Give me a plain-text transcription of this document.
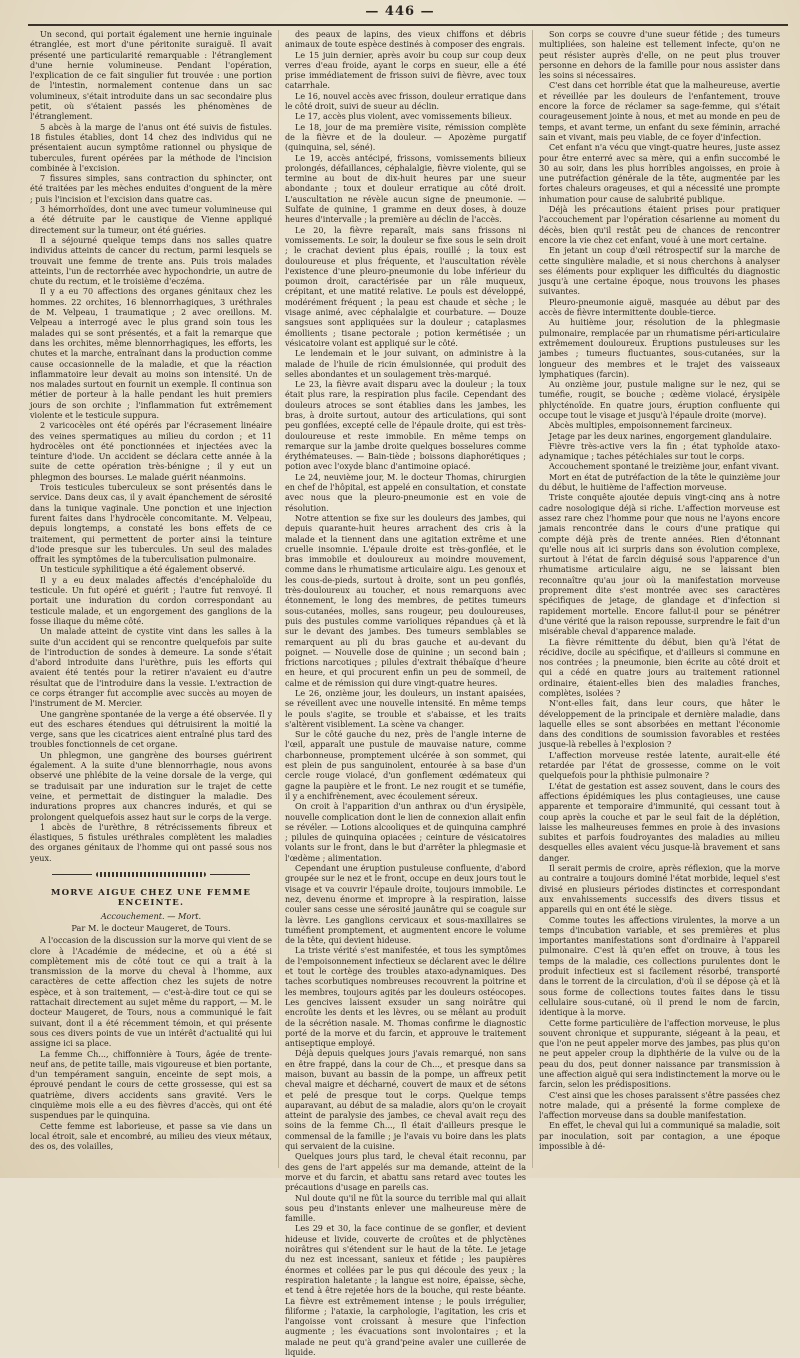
— 446 —

Un second, qui portait également une hernie inguinale étranglée, est mort d'une péritonite suraiguë. Il avait présenté une particularité remarquable : l'étranglement d'une hernie volumineuse. Pendant l'opération, l'explication de ce fait singulier fut trouvée : une portion de l'intestin, normalement contenue dans un sac volumineux, s'était introduite dans un sac secondaire plus petit, où s'étaient passés les phénomènes de l'étranglement.

5 abcès à la marge de l'anus ont été suivis de fistules. 18 fistules établies, dont 14 chez des individus qui ne présentaient aucun symptôme rationnel ou physique de tubercules, furent opérées par la méthode de l'incision combinée à l'excision.

7 fissures simples, sans contraction du sphincter, ont été traitées par les mèches enduites d'onguent de la mère ; puis l'incision et l'excision dans quatre cas.

3 hémorrhoïdes, dont une avec tumeur volumineuse qui a été détruite par le caustique de Vienne appliqué directement sur la tumeur, ont été guéries.

Il a séjourné quelque temps dans nos salles quatre individus atteints de cancer du rectum, parmi lesquels se trouvait une femme de trente ans. Puis trois malades atteints, l'un de rectorrhée avec hypochondrie, un autre de chute du rectum, et le troisième d'eczéma.

Il y a eu 70 affections des organes génitaux chez les hommes. 22 orchites, 16 blennorrhagiques, 3 uréthrales de M. Velpeau, 1 traumatique ; 2 avec oreillons. M. Velpeau a interrogé avec le plus grand soin tous les malades qui se sont présentés, et a fait la remarque que dans les orchites, même blennorrhagiques, les efforts, les chutes et la marche, entraînant dans la production comme cause occasionnelle de la maladie, et que la réaction inflammatoire leur devait au moins son intensité. Un de nos malades surtout en fournit un exemple. Il continua son métier de porteur à la halle pendant les huit premiers jours de son orchite ; l'inflammation fut extrêmement violente et le testicule suppura.

2 varicocèles ont été opérés par l'écrasement linéaire des veines spermatiques au milieu du cordon ; et 11 hydrocèles ont été ponctionnées et injectées avec la teinture d'iode. Un accident se déclara cette année à la suite de cette opération très-bénigne ; il y eut un phlegmon des bourses. Le malade guérit néanmoins.

Trois testicules tuberculeux se sont présentés dans le service. Dans deux cas, il y avait épanchement de sérosité dans la tunique vaginale. Une ponction et une injection furent faites dans l'hydrocèle concomitante. M. Velpeau, depuis longtemps, a constaté les bons effets de ce traitement, qui permettent de porter ainsi la teinture d'iode presque sur les tubercules. Un seul des malades offrait les symptômes de la tuberculisation pulmonaire.

Un testicule syphilitique a été également observé.

Il y a eu deux malades affectés d'encéphaloïde du testicule. Un fut opéré et guérit ; l'autre fut renvoyé. Il portait une induration du cordon correspondant au testicule malade, et un engorgement des ganglions de la fosse iliaque du même côté.

Un malade atteint de cystite vint dans les salles à la suite d'un accident qui se rencontre quelquefois par suite de l'introduction de sondes à demeure. La sonde s'était d'abord introduite dans l'urèthre, puis les efforts qui avaient été tentés pour la retirer n'avaient eu d'autre résultat que de l'introduire dans la vessie. L'extraction de ce corps étranger fut accomplie avec succès au moyen de l'instrument de M. Mercier.

Une gangrène spontanée de la verge a été observée. Il y eut des eschares étendues qui détruisirent la moitié la verge, sans que les cicatrices aient entraîné plus tard des troubles fonctionnels de cet organe.

Un phlegmon, une gangrène des bourses guérirent également. A la suite d'une blennorrhagie, nous avons observé une phlébite de la veine dorsale de la verge, qui se traduisait par une induration sur le trajet de cette veine, et permettait de distinguer la maladie. Des indurations propres aux chancres indurés, et qui se prolongent quelquefois assez haut sur le corps de la verge.

1 abcès de l'urèthre, 8 rétrécissements fibreux et élastiques, 5 fistules uréthrales complètent les maladies des organes génitaux de l'homme qui ont passé sous nos yeux.

MORVE AIGUE CHEZ UNE FEMME ENCEINTE.
Accouchement. — Mort.
Par M. le docteur Maugeret, de Tours.

A l'occasion de la discussion sur la morve qui vient de se clore à l'Académie de médecine, et où a été si complètement mis de côté tout ce qui a trait à la transmission de la morve du cheval à l'homme, aux caractères de cette affection chez les sujets de notre espèce, et à son traitement, — c'est-à-dire tout ce qui se rattachait directement au sujet même du rapport, — M. le docteur Maugeret, de Tours, nous a communiqué le fait suivant, dont il a été récemment témoin, et qui présente sous ces divers points de vue un intérêt d'actualité qui lui assigne ici sa place.

La femme Ch..., chiffonnière à Tours, âgée de trente-neuf ans, de petite taille, mais vigoureuse et bien portante, d'un tempérament sanguin, enceinte de sept mois, a éprouvé pendant le cours de cette grossesse, qui est sa quatrième, divers accidents sans gravité. Vers le cinquième mois elle a eu des fièvres d'accès, qui ont été suspendues par le quinquina.

Cette femme est laborieuse, et passe sa vie dans un local étroit, sale et encombré, au milieu des vieux métaux, des os, des volailles,

des peaux de lapins, des vieux chiffons et débris animaux de toute espèce destinés à composer des engrais.

Le 15 juin dernier, après avoir bu coup sur coup deux verres d'eau froide, ayant le corps en sueur, elle a été prise immédiatement de frisson suivi de fièvre, avec toux catarrhale.

Le 16, nouvel accès avec frisson, douleur erratique dans le côté droit, suivi de sueur au déclin.

Le 17, accès plus violent, avec vomissements bilieux.

Le 18, jour de ma première visite, rémission complète de la fièvre et de la douleur. — Apozème purgatif (quinquina, sel, séné).

Le 19, accès antécipé, frissons, vomissements bilieux prolongés, défaillances, céphalalgie, fièvre violente, qui se termine au bout de dix-huit heures par une sueur abondante ; toux et douleur erratique au côté droit. L'auscultation ne révèle aucun signe de pneumonie. — Sulfate de quinine, 1 gramme en deux doses, à douze heures d'intervalle ; la première au déclin de l'accès.

Le 20, la fièvre reparaît, mais sans frissons ni vomissements. Le soir, la douleur se fixe sous le sein droit ; le crachat devient plus épais, rouillé ; la toux est douloureuse et plus fréquente, et l'auscultation révèle l'existence d'une pleuro-pneumonie du lobe inférieur du poumon droit, caractérisée par un râle muqueux, crépitant, et une matité relative. Le pouls est développé, modérément fréquent ; la peau est chaude et sèche ; le visage animé, avec céphalalgie et courbature. — Douze sangsues sont appliquées sur la douleur ; cataplasmes émollients ; tisane pectorale ; potion kermétisée ; un vésicatoire volant est appliqué sur le côté.

Le lendemain et le jour suivant, on administre à la malade de l'huile de ricin émulsionnée, qui produit des selles abondantes et un soulagement très-marqué.

Le 23, la fièvre avait disparu avec la douleur ; la toux était plus rare, la respiration plus facile. Cependant des douleurs atroces se sont établies dans les jambes, les bras, à droite surtout, autour des articulations, qui sont peu gonflées, excepté celle de l'épaule droite, qui est très-douloureuse et reste immobile. En même temps on remarque sur la jambe droite quelques bosselures comme érythémateuses. — Bain-tiède ; boissons diaphorétiques ; potion avec l'oxyde blanc d'antimoine opiacé.

Le 24, neuvième jour, M. le docteur Thomas, chirurgien en chef de l'hôpital, est appelé en consultation, et constate avec nous que la pleuro-pneumonie est en voie de résolution.

Notre attention se fixe sur les douleurs des jambes, qui depuis quarante-huit heures arrachent des cris à la malade et la tiennent dans une agitation extrême et une cruelle insomnie. L'épaule droite est très-gonflée, et le bras immobile et douloureux au moindre mouvement, comme dans le rhumatisme articulaire aigu. Les genoux et les cous-de-pieds, surtout à droite, sont un peu gonflés, très-douloureux au toucher, et nous remarquons avec étonnement, le long des membres, de petites tumeurs sous-cutanées, molles, sans rougeur, peu douloureuses, puis des pustules comme varioliques répandues çà et là sur le devant des jambes. Des tumeurs semblables se remarquent au pli du bras gauche et au-devant du poignet. — Nouvelle dose de quinine ; un second bain ; frictions narcotiques ; pilules d'extrait thébaïque d'heure en heure, et qui procurent enfin un peu de sommeil, de calme et de rémission qui dure vingt-quatre heures.

Le 26, onzième jour, les douleurs, un instant apaisées, se réveillent avec une nouvelle intensité. En même temps le pouls s'agite, se trouble et s'abaisse, et les traits s'altèrent visiblement. La scène va changer.

Sur le côté gauche du nez, près de l'angle interne de l'œil, apparaît une pustule de mauvaise nature, comme charbonneuse, promptement ulcérée à son sommet, qui est plein de pus sanguinolent, entourée à sa base d'un cercle rouge violacé, d'un gonflement œdémateux qui gagne la paupière et le front. Le nez rougit et se tuméfie, il y a enchifrènement, avec écoulement séreux.

On croit à l'apparition d'un anthrax ou d'un érysipèle, nouvelle complication dont le lien de connexion allait enfin se révéler. — Lotions alcooliques et de quinquina camphré ; pilules de quinquina opiacées ; ceinture de vésicatoires volants sur le front, dans le but d'arrêter la phlegmasie et l'œdème ; alimentation.

Cependant une éruption pustuleuse confluente, d'abord groupée sur le nez et le front, occupe en deux jours tout le visage et va couvrir l'épaule droite, toujours immobile. Le nez, devenu énorme et impropre à la respiration, laisse couler sans cesse une sérosité jaunâtre qui se coagule sur la lèvre. Les ganglions cervicaux et sous-maxillaires se tuméfient promptement, et augmentent encore le volume de la tête, qui devient hideuse.

La triste vérité s'est manifestée, et tous les symptômes de l'empoisonnement infectieux se déclarent avec le délire et tout le cortège des troubles ataxo-adynamiques. Des taches scorbutiques nombreuses recouvrent la poitrine et les membres, toujours agités par les douleurs ostéocopes. Les gencives laissent exsuder un sang noirâtre qui encroûte les dents et les lèvres, ou se mêlant au produit de la sécrétion nasale. M. Thomas confirme le diagnostic porté de la morve et du farcin, et approuve le traitement antiseptique employé.

Déjà depuis quelques jours j'avais remarqué, non sans en être frappé, dans la cour de Ch..., et presque dans sa maison, buvant au bassin de la pompe, un affreux petit cheval maigre et décharné, couvert de maux et de sétons et pelé de presque tout le corps. Quelque temps auparavant, au début de sa maladie, alors qu'on le croyait atteint de paralysie des jambes, ce cheval avait reçu des soins de la femme Ch..., Il était d'ailleurs presque le commensal de la famille ; je l'avais vu boire dans les plats qui servaient de la cuisine.

Quelques jours plus tard, le cheval était reconnu, par des gens de l'art appelés sur ma demande, atteint de la morve et du farcin, et abattu sans retard avec toutes les précautions d'usage en pareils cas.

Nul doute qu'il ne fût la source du terrible mal qui allait sous peu d'instants enlever une malheureuse mère de famille.

Les 29 et 30, la face continue de se gonfler, et devient hideuse et livide, couverte de croûtes et de phlyctènes noirâtres qui s'étendent sur le haut de la tête. Le jetage du nez est incessant, sanieux et fétide ; les paupières énormes et collées par le pus qui découle des yeux ; la respiration haletante ; la langue est noire, épaisse, sèche, et tend à être rejetée hors de la bouche, qui reste béante. La fièvre est extrêmement intense ; le pouls irrégulier, filiforme ; l'ataxie, la carphologie, l'agitation, les cris et l'angoisse vont croissant à mesure que l'infection augmente ; les évacuations sont involontaires ; et la malade ne peut qu'à grand'peine avaler une cuillerée de liquide.

Son corps se couvre d'une sueur fétide ; des tumeurs multipliées, son haleine est tellement infecte, qu'on ne peut résister auprès d'elle, on ne peut plus trouver personne en dehors de la famille pour nous assister dans les soins si nécessaires.

C'est dans cet horrible état que la malheureuse, avertie et réveillée par les douleurs de l'enfantement, trouve encore la force de réclamer sa sage-femme, qui s'était courageusement jointe à nous, et met au monde en peu de temps, et avant terme, un enfant du sexe féminin, arraché sain et vivant, mais peu viable, de ce foyer d'infection.

Cet enfant n'a vécu que vingt-quatre heures, juste assez pour être enterré avec sa mère, qui a enfin succombé le 30 au soir, dans les plus horribles angoisses, en proie à une putréfaction générale de la tête, augmentée par les fortes chaleurs orageuses, et qui a nécessité une prompte inhumation pour cause de salubrité publique.

Déjà les précautions étaient prises pour pratiquer l'accouchement par l'opération césarienne au moment du décès, bien qu'il restât peu de chances de rencontrer encore la vie chez cet enfant, voué à une mort certaine.

En jetant un coup d'œil rétrospectif sur la marche de cette singulière maladie, et si nous cherchons à analyser ses éléments pour expliquer les difficultés du diagnostic jusqu'à une certaine époque, nous trouvons les phases suivantes.

Pleuro-pneumonie aiguë, masquée au début par des accès de fièvre intermittente double-tierce.

Au huitième jour, résolution de la phlegmasie pulmonaire, remplacée par un rhumatisme péri-articulaire extrêmement douloureux. Éruptions pustuleuses sur les jambes ; tumeurs fluctuantes, sous-cutanées, sur la longueur des membres et le trajet des vaisseaux lymphatiques (farcin).

Au onzième jour, pustule maligne sur le nez, qui se tuméfie, rougit, se bouche ; œdème violacé, érysipèle phlycténoïde. En quatre jours, éruption confluente qui occupe tout le visage et jusqu'à l'épaule droite (morve).

Abcès multiples, empoisonnement farcineux.

Jetage par les deux narines, engorgement glandulaire.

Fièvre très-active vers la fin ; état typhoïde ataxo-adynamique ; taches pétéchiales sur tout le corps.

Accouchement spontané le treizième jour, enfant vivant.

Mort en état de putréfaction de la tête le quinzième jour du début, le huitième de l'affection morveuse.

Triste conquête ajoutée depuis vingt-cinq ans à notre cadre nosologique déjà si riche. L'affection morveuse est assez rare chez l'homme pour que nous ne l'ayons encore jamais rencontrée dans le cours d'une pratique qui compte déjà près de trente années. Rien d'étonnant qu'elle nous ait ici surpris dans son évolution complexe, surtout à l'état de farcin déguisé sous l'apparence d'un rhumatisme articulaire aigu, ne se laissant bien reconnaître qu'au jour où la manifestation morveuse proprement dite s'est montrée avec ses caractères spécifiques de jetage, de glandage et d'infection si rapidement mortelle. Encore fallut-il pour se pénétrer d'une vérité que la raison repousse, surprendre le fait d'un misérable cheval d'apparence malade.

La fièvre rémittente du début, bien qu'à l'état de récidive, docile au spécifique, et d'ailleurs si commune en nos contrées ; la pneumonie, bien écrite au côté droit et qui a cédé en quatre jours au traitement rationnel ordinaire, étaient-elles bien des maladies franches, complètes, isolées ?

N'ont-elles fait, dans leur cours, que hâter le développement de la principale et dernière maladie, dans laquelle elles se sont absorbées en mettant l'économie dans des conditions de soumission favorables et restées jusque-là rebelles à l'explosion ?

L'affection morveuse restée latente, aurait-elle été retardée par l'état de grossesse, comme on le voit quelquefois pour la phthisie pulmonaire ?

L'état de gestation est assez souvent, dans le cours des affections épidémiques les plus contagieuses, une cause apparente et temporaire d'immunité, qui cessant tout à coup après la couche et par le seul fait de la déplétion, laisse les malheureuses femmes en proie à des invasions subites et parfois foudroyantes des maladies au milieu desquelles elles avaient vécu jusque-là bravement et sans danger.

Il serait permis de croire, après réflexion, que la morve au contraire a toujours dominé l'état morbide, lequel s'est divisé en plusieurs périodes distinctes et correspondant aux envahissements successifs des divers tissus et appareils qui en ont été le siège.

Comme toutes les affections virulentes, la morve a un temps d'incubation variable, et ses premières et plus importantes manifestations sont d'ordinaire à l'appareil pulmonaire. C'est là qu'en effet on trouve, à tous les temps de la maladie, ces collections purulentes dont le produit infectieux est si facilement résorbé, transporté dans le torrent de la circulation, d'où il se dépose çà et là sous forme de collections toutes faites dans le tissu cellulaire sous-cutané, où il prend le nom de farcin, identique à la morve.

Cette forme particulière de l'affection morveuse, le plus souvent chronique et suppurante, siégeant à la peau, et que l'on ne peut appeler morve des jambes, pas plus qu'on ne peut appeler croup la diphthérie de la vulve ou de la peau du dos, peut donner naissance par transmission à une affection aiguë qui sera indistinctement la morve ou le farcin, selon les prédispositions.

C'est ainsi que les choses paraissent s'être passées chez notre malade, qui a présenté la forme complexe de l'affection morveuse dans sa double manifestation.

En effet, le cheval qui lui a communiqué sa maladie, soit par inoculation, soit par contagion, a une époque impossible à dé-
